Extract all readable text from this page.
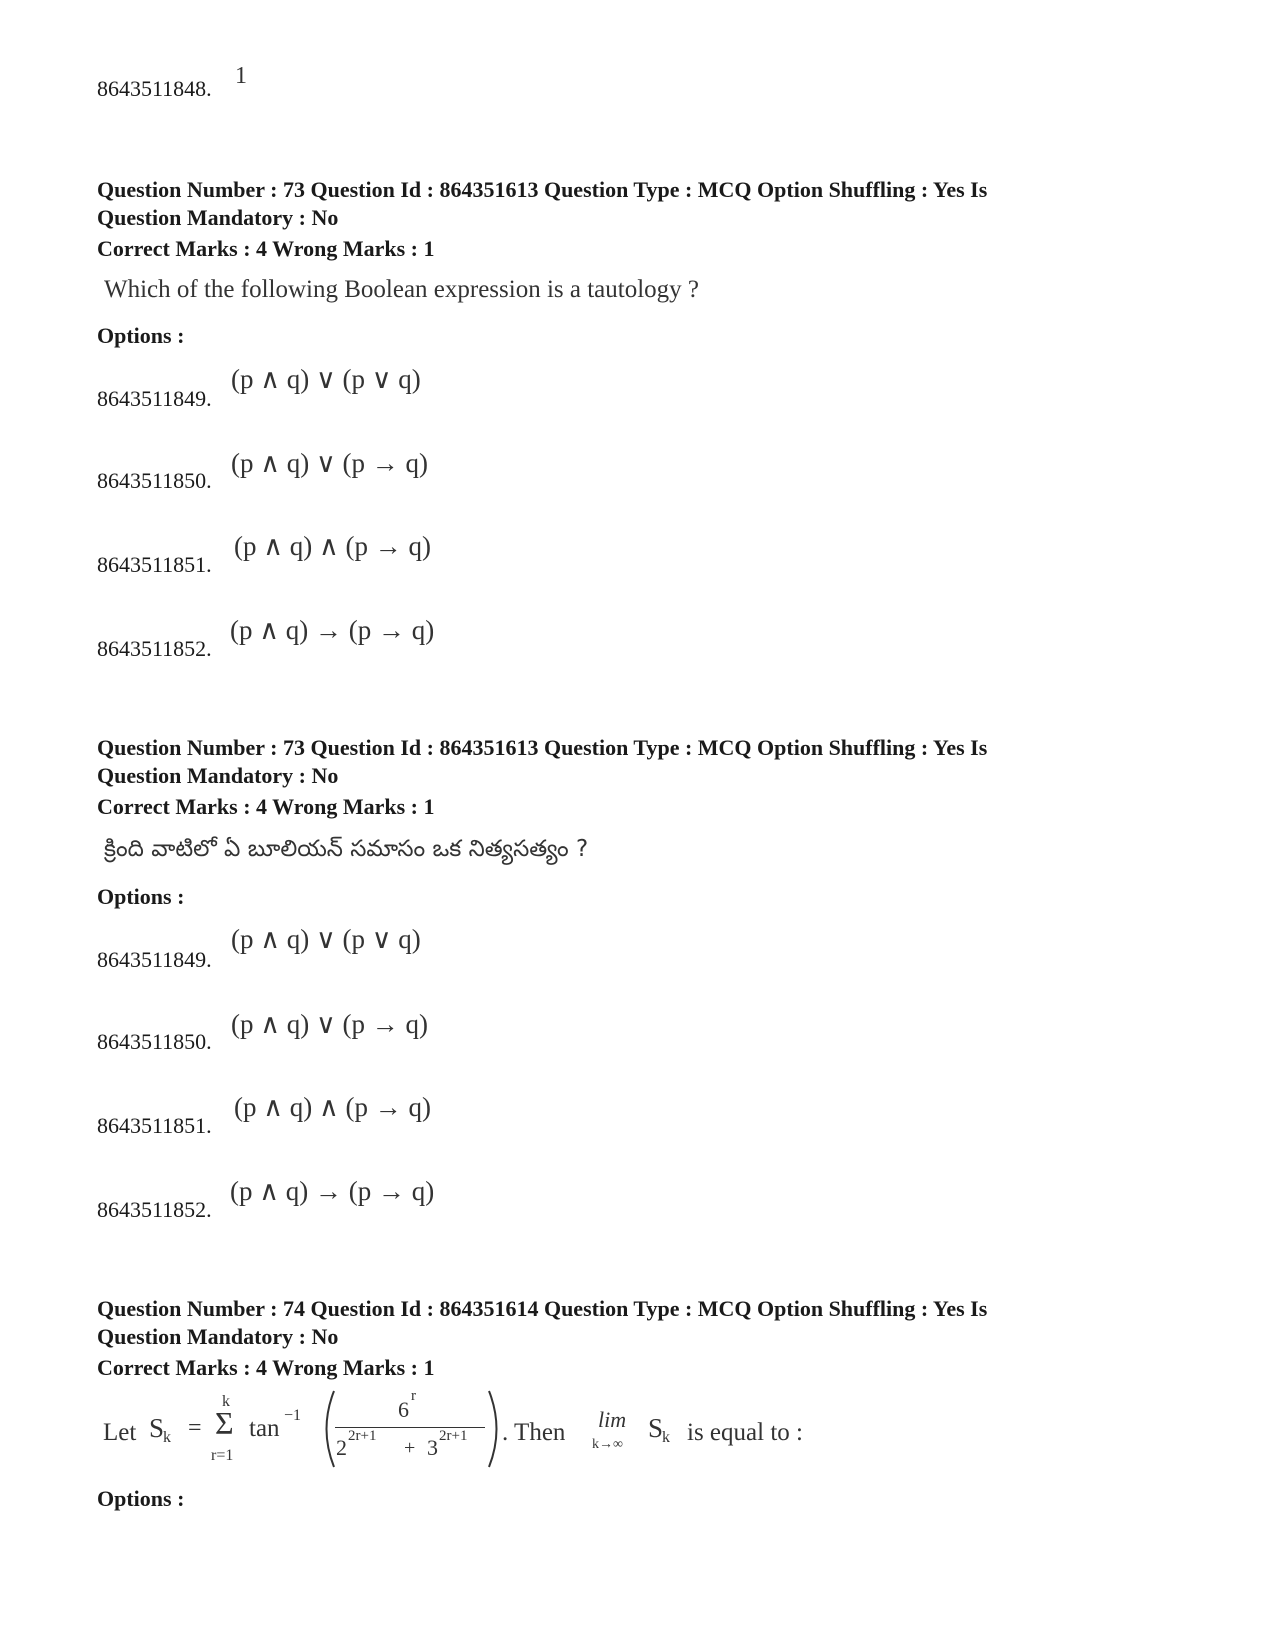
8643511848. 1
Question Number : 73 Question Id : 864351613 Question Type : MCQ Option Shuffling : Yes Is
Question Mandatory : No
Correct Marks : 4 Wrong Marks : 1
Which of the following Boolean expression is a tautology ?
Options :
8643511849.
(p ∧ q) ∨ (p ∨ q)
8643511850.
(p ∧ q) ∨ (p → q)
8643511851.
(p ∧ q) ∧ (p → q)
8643511852.
(p ∧ q) → (p → q)
Question Number : 73 Question Id : 864351613 Question Type : MCQ Option Shuffling : Yes Is
Question Mandatory : No
Correct Marks : 4 Wrong Marks : 1
క్రింది వాటిలో ఏ బూలియన్ సమాసం ఒక నిత్యసత్యం ?
Options :
8643511849.
(p ∧ q) ∨ (p ∨ q)
8643511850.
(p ∧ q) ∨ (p → q)
8643511851.
(p ∧ q) ∧ (p → q)
8643511852.
(p ∧ q) → (p → q)
Question Number : 74 Question Id : 864351614 Question Type : MCQ Option Shuffling : Yes Is
Question Mandatory : No
Correct Marks : 4 Wrong Marks : 1
Let S
k =
k
Σ
r=1
tan −1	6
r
2 2r+1
+ 3 2r+1 . Then lim
k→∞
S
k is equal to :
Options :
